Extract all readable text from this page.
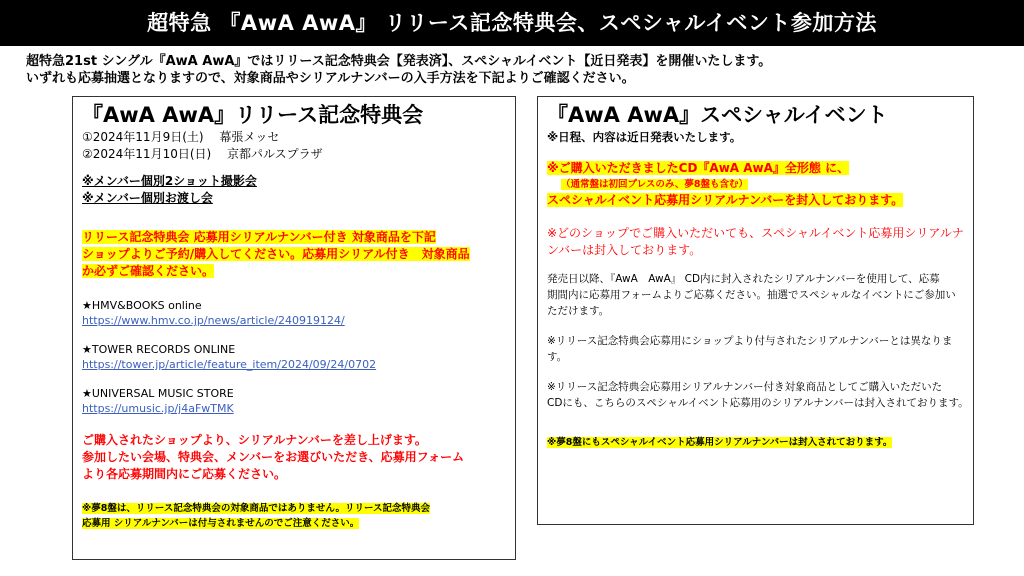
超特急 『AwA AwA』 リリース記念特典会、スペシャルイベント参加方法
超特急21st シングル『AwA AwA』ではリリース記念特典会【発表済】、スペシャルイベント【近日発表】を開催いたします。
いずれも応募抽選となりますので、対象商品やシリアルナンバーの入手方法を下記よりご確認ください。
『AwA AwA』リリース記念特典会
①2024年11月9日(土)　 幕張メッセ
②2024年11月10日(日)　 京都パルスプラザ
※メンバー個別2ショット撮影会
※メンバー個別お渡し会
リリース記念特典会 応募用シリアルナンバー付き 対象商品を下記
ショップよりご予約/購入してください。応募用シリアル付き　対象商品
か必ずご確認ください。
★HMV&BOOKS online
https://www.hmv.co.jp/news/article/240919124/
★TOWER RECORDS ONLINE
https://tower.jp/article/feature_item/2024/09/24/0702
★UNIVERSAL MUSIC STORE
https://umusic.jp/j4aFwTMK
ご購入されたショップより、シリアルナンバーを差し上げます。
参加したい会場、特典会、メンバーをお選びいただき、応募用フォーム
より各応募期間内にご応募ください。
※夢8盤は、リリース記念特典会の対象商品ではありません。リリース記念特典会
応募用 シリアルナンバーは付与されませんのでご注意ください。
『AwA AwA』スペシャルイベント
※日程、内容は近日発表いたします。
※ご購入いただきましたCD『AwA AwA』全形態 に、
（通常盤は初回プレスのみ、夢8盤も含む）
スペシャルイベント応募用シリアルナンバーを封入しております。
※どのショップでご購入いただいても、スペシャルイベント応募用シリアルナ
ンバーは封入しております。
発売日以降、『AwA　AwA』 CD内に封入されたシリアルナンバーを使用して、応募
期間内に応募用フォームよりご応募ください。抽選でスペシャルなイベントにご参加い
ただけます。
※リリース記念特典会応募用にショップより付与されたシリアルナンバーとは異なりま
す。
※リリース記念特典会応募用シリアルナンバー付き対象商品としてご購入いただいた
CDにも、こちらのスペシャルイベント応募用のシリアルナンバーは封入されております。
※夢8盤にもスペシャルイベント応募用シリアルナンバーは封入されております。
